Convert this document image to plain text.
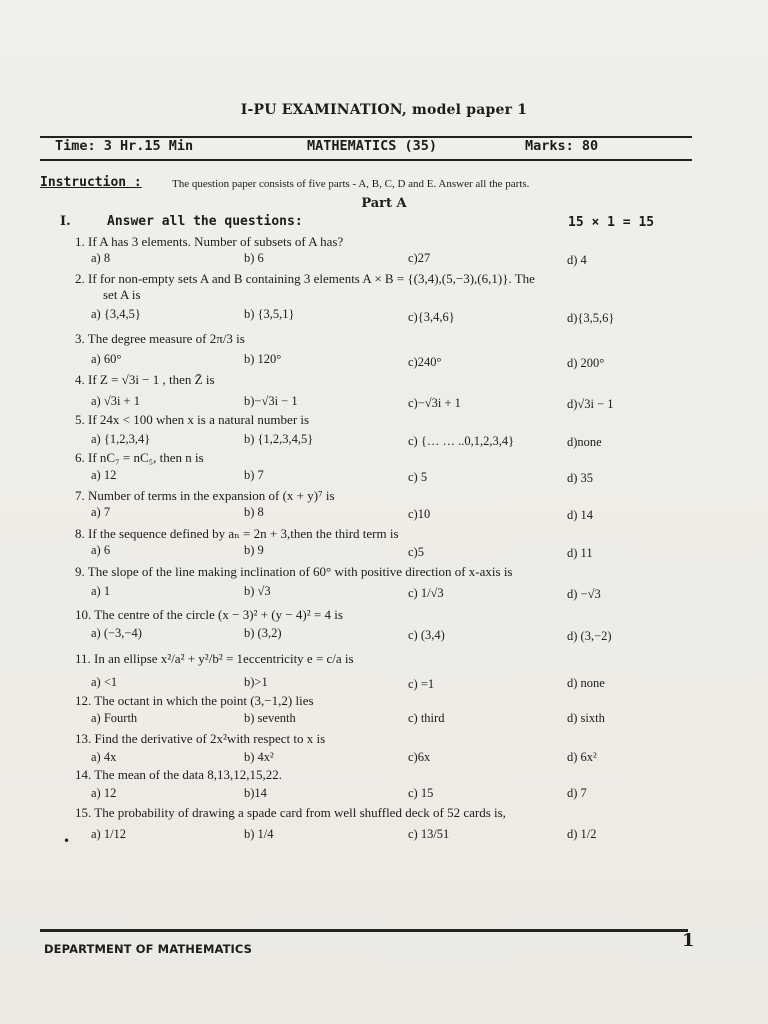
I-PU EXAMINATION, model paper 1
Time: 3 Hr.15 Min	MATHEMATICS (35)	Marks: 80
Instruction :	The question paper consists of five parts - A, B, C, D and E. Answer all the parts.
Part A
I.	Answer all the questions:	15 × 1 = 15
1. If A has 3 elements. Number of subsets of A has?
a) 8	b) 6	c)27	d) 4
2. If for non-empty sets A and B containing 3 elements A × B = {(3,4),(5,−3),(6,1)}. The
set A is
a) {3,4,5}	b) {3,5,1}	c){3,4,6}	d){3,5,6}
3. The degree measure of 2π/3 is
a) 60°	b) 120°	c)240°	d) 200°
4. If Z = √3i − 1 , then Z̄ is
a) √3i + 1	b)−√3i − 1	c)−√3i + 1	d)√3i − 1
5. If 24x < 100 when x is a natural number is
a) {1,2,3,4}	b) {1,2,3,4,5}	c) {… … ..0,1,2,3,4}	d)none
6. If nC₇ = nC₅, then n is
a) 12	b) 7	c) 5	d) 35
7. Number of terms in the expansion of (x + y)⁷ is
a) 7	b) 8	c)10	d) 14
8. If the sequence defined by aₙ = 2n + 3,then the third term is
a) 6	b) 9	c)5	d) 11
9. The slope of the line making inclination of 60° with positive direction of x-axis is
a) 1	b) √3	c) 1/√3	d) −√3
10. The centre of the circle (x − 3)² + (y − 4)² = 4 is
a) (−3,−4)	b) (3,2)	c) (3,4)	d) (3,−2)
11. In an ellipse x²/a² + y²/b² = 1eccentricity e = c/a is
a) <1	b)>1	c) =1	d) none
12. The octant in which the point (3,−1,2) lies
a) Fourth	b) seventh	c) third	d) sixth
13. Find the derivative of 2x²with respect to x is
a) 4x	b) 4x²	c)6x	d) 6x²
14. The mean of the data 8,13,12,15,22.
a) 12	b)14	c) 15	d) 7
15. The probability of drawing a spade card from well shuffled deck of 52 cards is,
• a) 1/12	b) 1/4	c) 13/51	d) 1/2
DEPARTMENT OF MATHEMATICS	1
